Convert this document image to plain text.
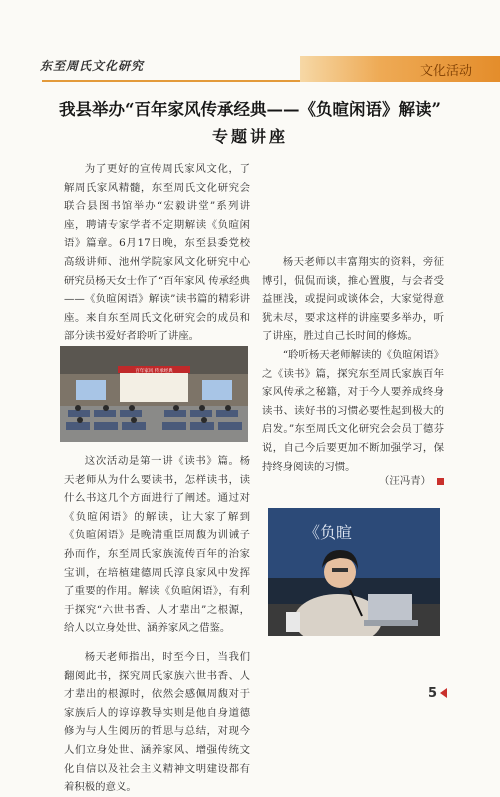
东至周氏文化研究	文化活动
我县举办“百年家风传承经典——《负暄闲语》解读”
专题讲座

为了更好的宣传周氏家风文化，了解周氏家风精髓，东至周氏文化研究会联合县图书馆举办“宏毅讲堂”系列讲座，聘请专家学者不定期解读《负暄闲语》篇章。6月17日晚，东至县委党校高级讲师、池州学院家风文化研究中心研究员杨天女士作了“百年家风 传承经典——《负暄闲语》解读”读书篇的精彩讲座。来自东至周氏文化研究会的成员和部分读书爱好者聆听了讲座。

百年家风 传承经典

这次活动是第一讲《读书》篇。杨天老师从为什么要读书，怎样读书，读什么书这几个方面进行了阐述。通过对《负暄闲语》的解读，让大家了解到《负暄闲语》是晚清重臣周馥为训诫子孙而作，东至周氏家族流传百年的治家宝训，在培植建德周氏淳良家风中发挥了重要的作用。解读《负暄闲语》，有利于探究“六世书香、人才辈出”之根源，给人以立身处世、涵养家风之借鉴。

杨天老师指出，时至今日，当我们翻阅此书，探究周氏家族六世书香、人才辈出的根源时，依然会感佩周馥对于家族后人的谆谆教导实则是他自身道德修为与人生阅历的哲思与总结，对现今人们立身处世、涵养家风、增强传统文化自信以及社会主义精神文明建设都有着积极的意义。

杨天老师以丰富翔实的资料，旁征博引，侃侃而谈，推心置腹，与会者受益匪浅，或提问或谈体会，大家觉得意犹未尽，要求这样的讲座要多举办，听了讲座，胜过自己长时间的修炼。

“聆听杨天老师解读的《负暄闲语》之《读书》篇，探究东至周氏家族百年家风传承之秘籍，对于今人要养成终身读书、读好书的习惯必要性起到极大的启发。”东至周氏文化研究会会员丁德芬说，自己今后要更加不断加强学习，保持终身阅读的习惯。

（汪冯青）
《负暄
5
